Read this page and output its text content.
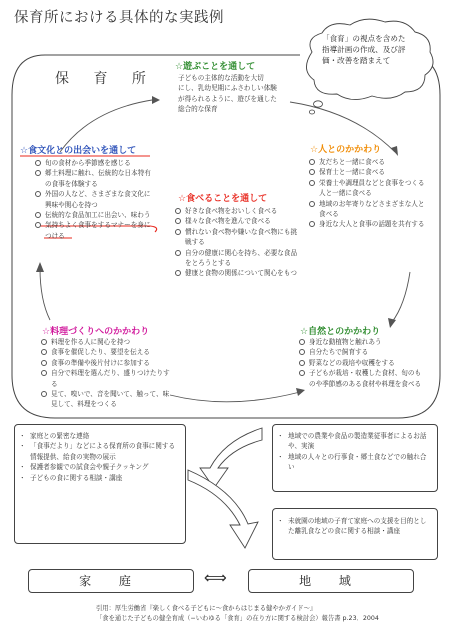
保育所における具体的な実践例
保 育 所
「食育」の視点を含めた
指導計画の作成、及び評
価・改善を踏まえて
☆遊ぶことを通して
子どもの主体的な活動を大切
にし、乳幼児期にふさわしい体験
が得られるように、遊びを通した
総合的な保育
☆食文化との出会いを通して
旬の食材から季節感を感じる
郷土料理に触れ、伝統的な日本特有の食事を体験する
外国の人など、さまざまな食文化に興味や関心を持つ
伝統的な食品加工に出会い、味わう
気持ちよく食事をするマナーを身につける
☆人とのかかわり
友だちと一緒に食べる
保育士と一緒に食べる
栄養士や調理員などと食事をつくる人と一緒に食べる
地域のお年寄りなどさまざまな人と食べる
身近な大人と食事の話題を共有する
☆食べることを通して
好きな食べ物をおいしく食べる
様々な食べ物を進んで食べる
慣れない食べ物や嫌いな食べ物にも挑戦する
自分の健康に関心を持ち、必要な食品をとろうとする
健康と食物の関係について関心をもつ
☆料理づくりへのかかわり
料理を作る人に関心を持つ
食事を催促したり、要望を伝える
食事の準備や後片付けに参加する
自分で料理を選んだり、盛りつけたりする
見て、嗅いで、音を聞いて、触って、味見して、料理をつくる
☆自然とのかかわり
身近な動植物と触れあう
自分たちで飼育する
野菜などの栽培や収穫をする
子どもが栽培・収穫した食材、旬のものや季節感のある食材や料理を食べる
・ 家庭との緊密な連絡
・ 「食事だより」などによる保育所の食事に関する情報提供、給食の実物の展示
・ 保護者参観での試食会や親子クッキング
・ 子どもの食に関する相談・講座
・ 地域での農業や食品の製造業従事者によるお話や、実演
・ 地域の人々との行事食・郷土食などでの触れ合い
・ 未就園の地域の子育て家庭への支援を目的とした離乳食などの食に関する相談・講座
家 庭	⟺	地 域
引用：厚生労働省『楽しく食べる子どもに〜食からはじまる健やかガイド〜』
「食を通じた子どもの健全育成（−いわゆる「食育」の在り方に関する検討会）報告書 p.23．2004
